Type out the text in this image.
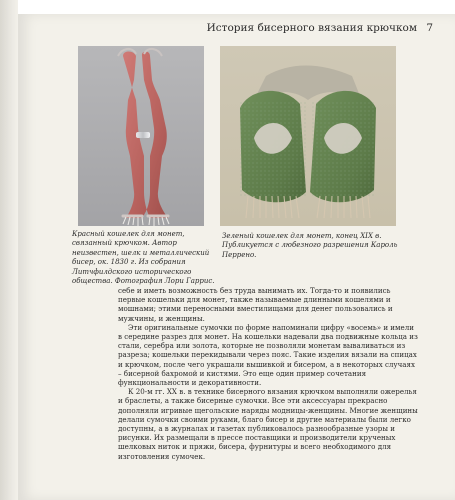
История бисерного вязания крючком 7
Красный кошелек для монет, связанный крючком. Автор неизвестен, шелк и металлический бисер, ок. 1830 г. Из собрания Литчфилдского исторического общества. Фотография Лори Гаррис.
Зеленый кошелек для монет, конец XIX в. Публикуется с любезного разрешения Кароль Перрено.

себе и иметь возможность без труда вынимать их. Тогда-то и появились первые кошельки для монет, также называемые длинными кошелями и мошнами; этими переносными вместилищами для денег пользовались и мужчины, и женщины.

Эти оригинальные сумочки по форме напоминали цифру «восемь» и имели в середине разрез для монет. На кошельки надевали два подвижные кольца из стали, серебра или золота, которые не позволяли монетам вываливаться из разреза; кошельки перекидывали через пояс. Такие изделия вязали на спицах и крючком, после чего украшали вышивкой и бисером, а в некоторых случаях – бисерной бахромой и кистями. Это еще один пример сочетания функциональности и декоративности.

К 20-м гг. XX в. в технике бисерного вязания крючком выполняли ожерелья и браслеты, а также бисерные сумочки. Все эти аксессуары прекрасно дополняли игривые щегольские наряды модницы-женщины. Многие женщины делали сумочки своими руками, благо бисер и другие материалы были легко доступны, а в журналах и газетах публиковалось разнообразные узоры и рисунки. Их размещали в прессе поставщики и производители крученых шелковых ниток и пряжи, бисера, фурнитуры и всего необходимого для изготовления сумочек.
